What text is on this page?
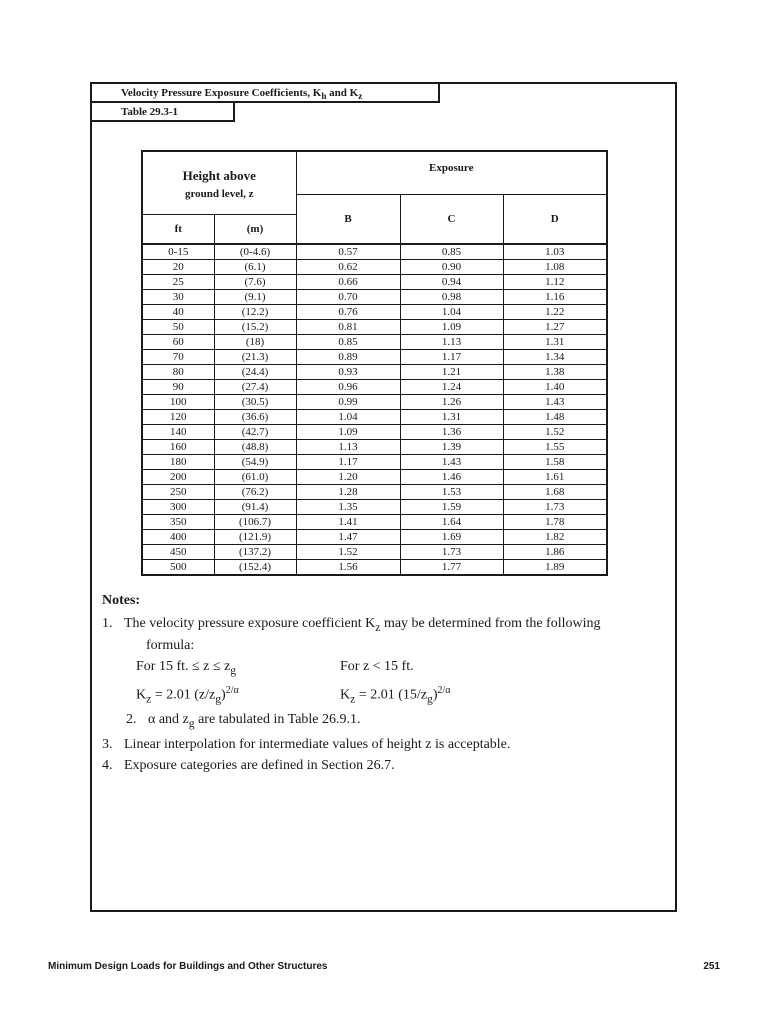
Velocity Pressure Exposure Coefficients, $K_h$ and $K_z$
Table 29.3-1
Height above
ground level, z		Exposure		
		B	C	D
ft	(m)			
0-15	(0-4.6)	0.57	0.85	1.03
20	(6.1)	0.62	0.90	1.08
25	(7.6)	0.66	0.94	1.12
30	(9.1)	0.70	0.98	1.16
40	(12.2)	0.76	1.04	1.22
50	(15.2)	0.81	1.09	1.27
60	(18)	0.85	1.13	1.31
70	(21.3)	0.89	1.17	1.34
80	(24.4)	0.93	1.21	1.38
90	(27.4)	0.96	1.24	1.40
100	(30.5)	0.99	1.26	1.43
120	(36.6)	1.04	1.31	1.48
140	(42.7)	1.09	1.36	1.52
160	(48.8)	1.13	1.39	1.55
180	(54.9)	1.17	1.43	1.58
200	(61.0)	1.20	1.46	1.61
250	(76.2)	1.28	1.53	1.68
300	(91.4)	1.35	1.59	1.73
350	(106.7)	1.41	1.64	1.78
400	(121.9)	1.47	1.69	1.82
450	(137.2)	1.52	1.73	1.86
500	(152.4)	1.56	1.77	1.89
Notes:
1. The velocity pressure exposure coefficient $K_z$ may be determined from the following
formula:
For 15 ft. ≤ $z \le z_g$	For z < 15 ft.
$K_z = 2.01$ $(z/z_g)^{2/\alpha}$	$K_z = 2.01$ $(15/z_g)^{2/\alpha}$
2. α and $z_g$ are tabulated in Table 26.9.1.
3. Linear interpolation for intermediate values of height z is acceptable.
4. Exposure categories are defined in Section 26.7.
Minimum Design Loads for Buildings and Other Structures	251
